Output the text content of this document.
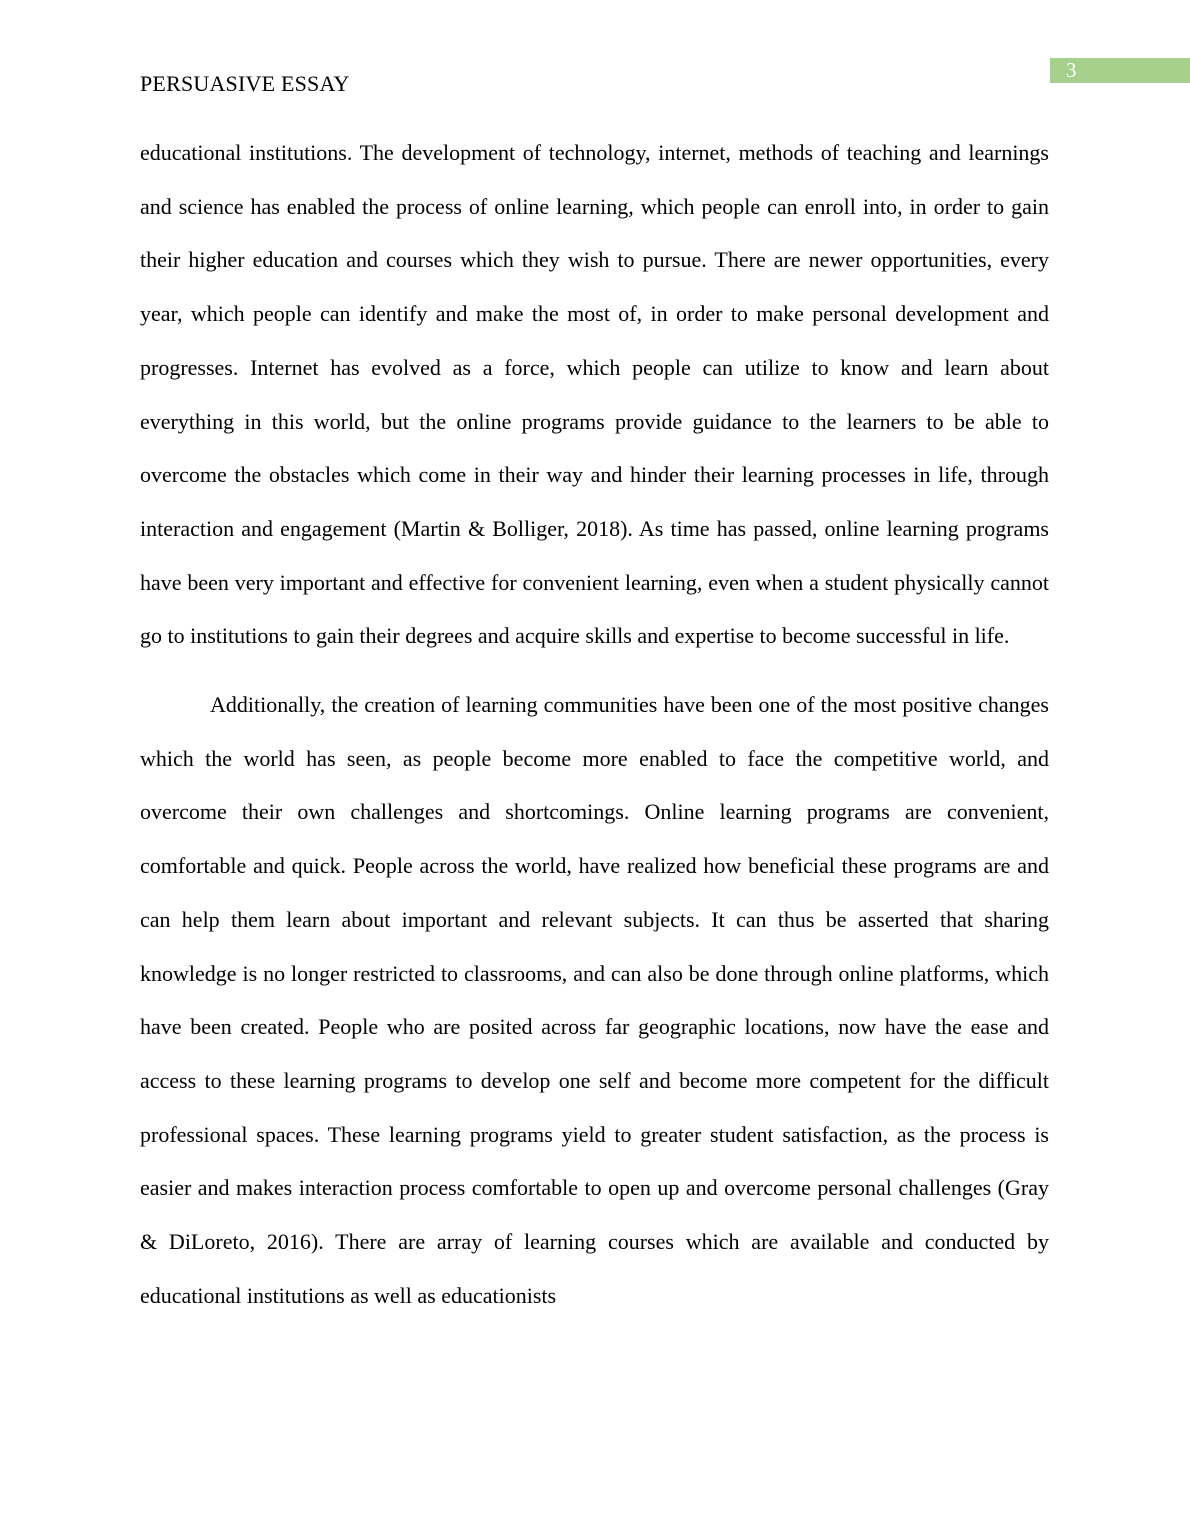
3
PERSUASIVE ESSAY

educational institutions. The development of technology, internet, methods of teaching and learnings and science has enabled the process of online learning, which people can enroll into, in order to gain their higher education and courses which they wish to pursue. There are newer opportunities, every year, which people can identify and make the most of, in order to make personal development and progresses. Internet has evolved as a force, which people can utilize to know and learn about everything in this world, but the online programs provide guidance to the learners to be able to overcome the obstacles which come in their way and hinder their learning processes in life, through interaction and engagement (Martin & Bolliger, 2018). As time has passed, online learning programs have been very important and effective for convenient learning, even when a student physically cannot go to institutions to gain their degrees and acquire skills and expertise to become successful in life.

Additionally, the creation of learning communities have been one of the most positive changes which the world has seen, as people become more enabled to face the competitive world, and overcome their own challenges and shortcomings. Online learning programs are convenient, comfortable and quick. People across the world, have realized how beneficial these programs are and can help them learn about important and relevant subjects. It can thus be asserted that sharing knowledge is no longer restricted to classrooms, and can also be done through online platforms, which have been created. People who are posited across far geographic locations, now have the ease and access to these learning programs to develop one self and become more competent for the difficult professional spaces. These learning programs yield to greater student satisfaction, as the process is easier and makes interaction process comfortable to open up and overcome personal challenges (Gray & DiLoreto, 2016). There are array of learning courses which are available and conducted by educational institutions as well as educationists
